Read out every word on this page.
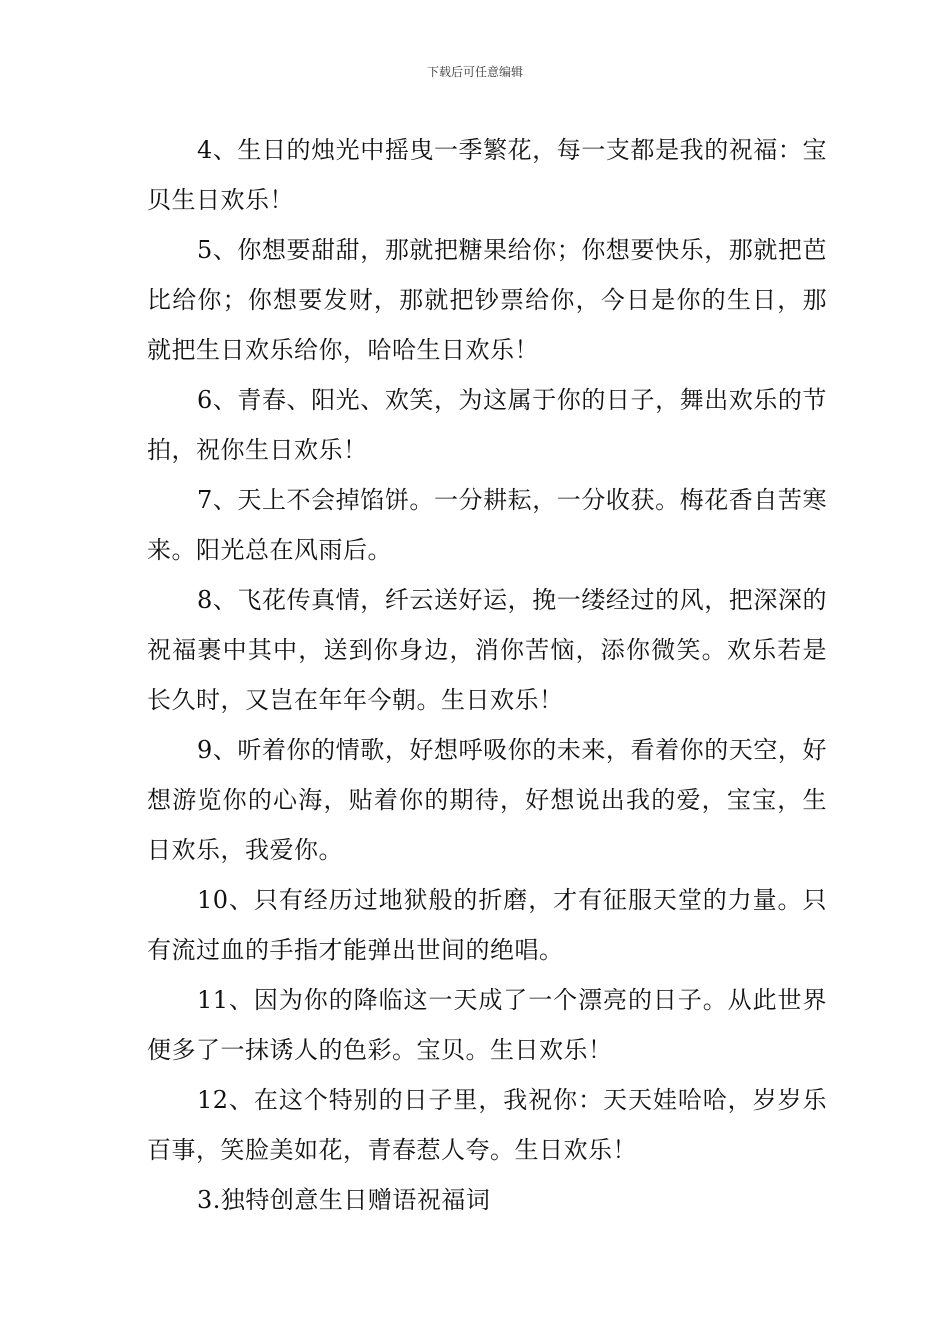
下载后可任意编辑

4、生日的烛光中摇曳一季繁花，每一支都是我的祝福：宝贝生日欢乐！

5、你想要甜甜，那就把糖果给你；你想要快乐，那就把芭比给你；你想要发财，那就把钞票给你，今日是你的生日，那就把生日欢乐给你，哈哈生日欢乐！

6、青春、阳光、欢笑，为这属于你的日子，舞出欢乐的节拍，祝你生日欢乐！

7、天上不会掉馅饼。一分耕耘，一分收获。梅花香自苦寒来。阳光总在风雨后。

8、飞花传真情，纤云送好运，挽一缕经过的风，把深深的祝福裹中其中，送到你身边，消你苦恼，添你微笑。欢乐若是长久时，又岂在年年今朝。生日欢乐！

9、听着你的情歌，好想呼吸你的未来，看着你的天空，好想游览你的心海，贴着你的期待，好想说出我的爱，宝宝，生日欢乐，我爱你。

10、只有经历过地狱般的折磨，才有征服天堂的力量。只有流过血的手指才能弹出世间的绝唱。

11、因为你的降临这一天成了一个漂亮的日子。从此世界便多了一抹诱人的色彩。宝贝。生日欢乐！

12、在这个特别的日子里，我祝你：天天娃哈哈，岁岁乐百事，笑脸美如花，青春惹人夸。生日欢乐！

3.独特创意生日赠语祝福词
